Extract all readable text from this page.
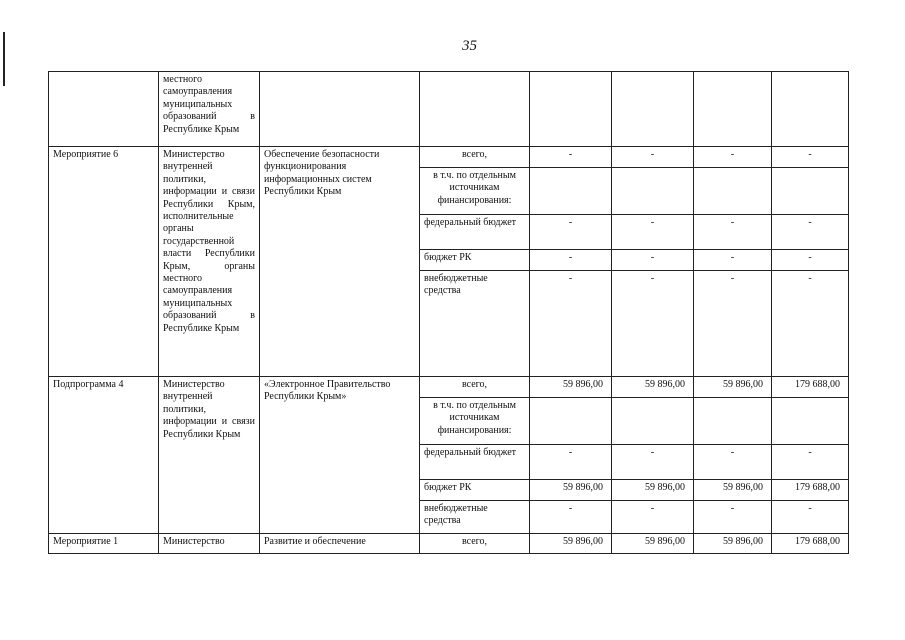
35
	местного самоуправления муниципальных образований в Республике Крым						
Мероприятие 6	Министерство внутренней политики, информации и связи Республики Крым, исполнительные органы государственной власти Республики Крым, органы местного самоуправления муниципальных образований в Республике Крым	Обеспечение безопасности функционирования информационных систем Республики Крым	всего,	-	-	-	-
			в т.ч. по отдельным источникам финансирования:				
			федеральный бюджет	-	-	-	-
			бюджет РК	-	-	-	-
			внебюджетные средства	-	-	-	-
Подпрограмма 4	Министерство внутренней политики, информации и связи Республики Крым	«Электронное Правительство Республики Крым»	всего,	59 896,00	59 896,00	59 896,00	179 688,00
			в т.ч. по отдельным источникам финансирования:				
			федеральный бюджет	-	-	-	-
			бюджет РК	59 896,00	59 896,00	59 896,00	179 688,00
			внебюджетные средства	-	-	-	-
Мероприятие 1	Министерство	Развитие и обеспечение	всего,	59 896,00	59 896,00	59 896,00	179 688,00
